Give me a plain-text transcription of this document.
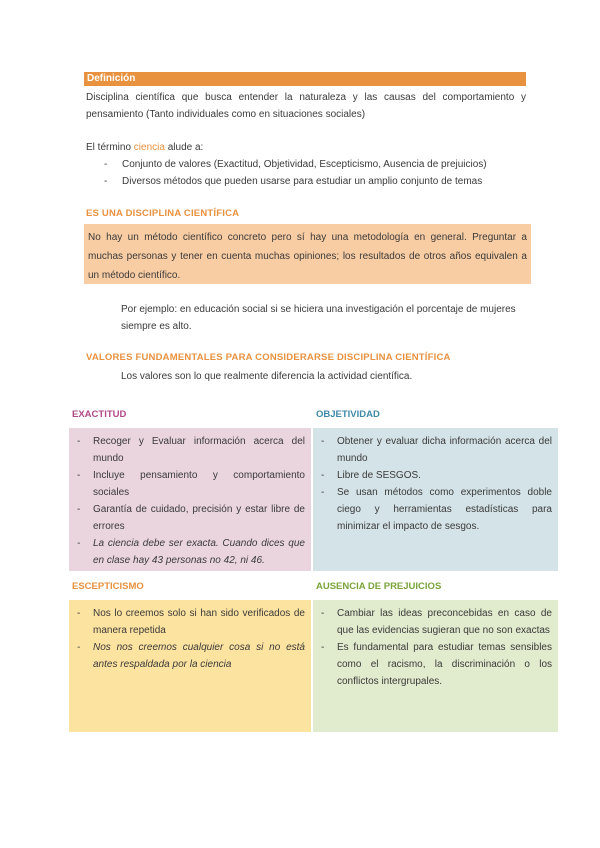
Definición
Disciplina científica que busca entender la naturaleza y las causas del comportamiento y pensamiento (Tanto individuales como en situaciones sociales)
El término ciencia alude a:
- Conjunto de valores (Exactitud, Objetividad, Escepticismo, Ausencia de prejuicios)
- Diversos métodos que pueden usarse para estudiar un amplio conjunto de temas
ES UNA DISCIPLINA CIENTÍFICA
No hay un método científico concreto pero sí hay una metodología en general. Preguntar a muchas personas y tener en cuenta muchas opiniones; los resultados de otros años equivalen a un método científico.
Por ejemplo: en educación social si se hiciera una investigación el porcentaje de mujeres siempre es alto.
VALORES FUNDAMENTALES PARA CONSIDERARSE DISCIPLINA CIENTÍFICA
Los valores son lo que realmente diferencia la actividad científica.
EXACTITUD	OBJETIVIDAD
- Recoger y Evaluar información acerca del mundo
- Incluye pensamiento y comportamiento sociales
- Garantía de cuidado, precisión y estar libre de errores
- La ciencia debe ser exacta. Cuando dices que en clase hay 43 personas no 42, ni 46.
- Obtener y evaluar dicha información acerca del mundo
- Libre de SESGOS.
- Se usan métodos como experimentos doble ciego y herramientas estadísticas para minimizar el impacto de sesgos.
ESCEPTICISMO	AUSENCIA DE PREJUICIOS
- Nos lo creemos solo si han sido verificados de manera repetida
- Nos nos creemos cualquier cosa si no está antes respaldada por la ciencia
- Cambiar las ideas preconcebidas en caso de que las evidencias sugieran que no son exactas
- Es fundamental para estudiar temas sensibles como el racismo, la discriminación o los conflictos intergrupales.
